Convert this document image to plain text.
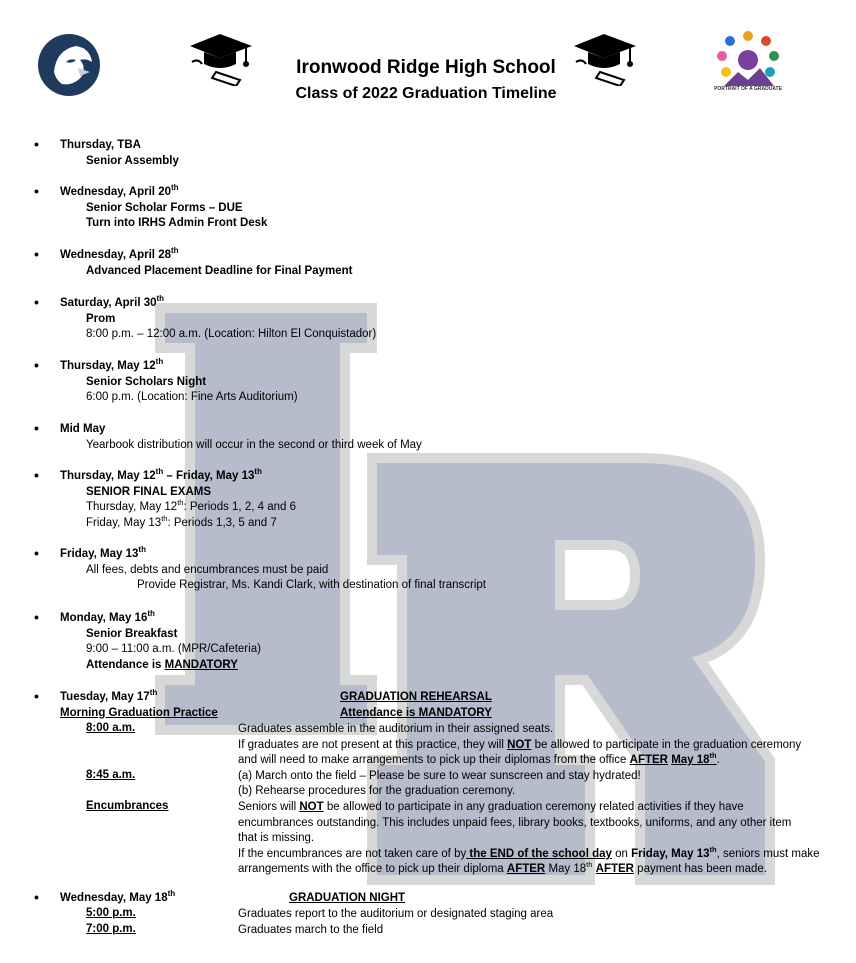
PORTRAIT OF A GRADUATE
Ironwood Ridge High School
Class of 2022 Graduation Timeline
• Thursday, TBA
Senior Assembly
• Wednesday, April 20th
Senior Scholar Forms – DUE
Turn into IRHS Admin Front Desk
• Wednesday, April 28th
Advanced Placement Deadline for Final Payment
• Saturday, April 30th
Prom
8:00 p.m. – 12:00 a.m. (Location: Hilton El Conquistador)
• Thursday, May 12th
Senior Scholars Night
6:00 p.m. (Location: Fine Arts Auditorium)
• Mid May
Yearbook distribution will occur in the second or third week of May
• Thursday, May 12th – Friday, May 13th
SENIOR FINAL EXAMS
Thursday, May 12th: Periods 1, 2, 4 and 6
Friday, May 13th: Periods 1,3, 5 and 7
• Friday, May 13th
All fees, debts and encumbrances must be paid
Provide Registrar, Ms. Kandi Clark, with destination of final transcript
• Monday, May 16th
Senior Breakfast
9:00 – 11:00 a.m. (MPR/Cafeteria)
Attendance is MANDATORY
• Tuesday, May 17th	GRADUATION REHEARSAL
Morning Graduation Practice	Attendance is MANDATORY
8:00 a.m.	Graduates assemble in the auditorium in their assigned seats.
If graduates are not present at this practice, they will NOT be allowed to participate in the graduation ceremony
and will need to make arrangements to pick up their diplomas from the office AFTER May 18th.
8:45 a.m.	(a) March onto the field – Please be sure to wear sunscreen and stay hydrated!
(b) Rehearse procedures for the graduation ceremony.
Encumbrances	Seniors will NOT be allowed to participate in any graduation ceremony related activities if they have
encumbrances outstanding. This includes unpaid fees, library books, textbooks, uniforms, and any other item
that is missing.
If the encumbrances are not taken care of by the END of the school day on Friday, May 13th, seniors must make
arrangements with the office to pick up their diploma AFTER May 18th AFTER payment has been made.
• Wednesday, May 18th	GRADUATION NIGHT
5:00 p.m.	Graduates report to the auditorium or designated staging area
7:00 p.m.	Graduates march to the field
